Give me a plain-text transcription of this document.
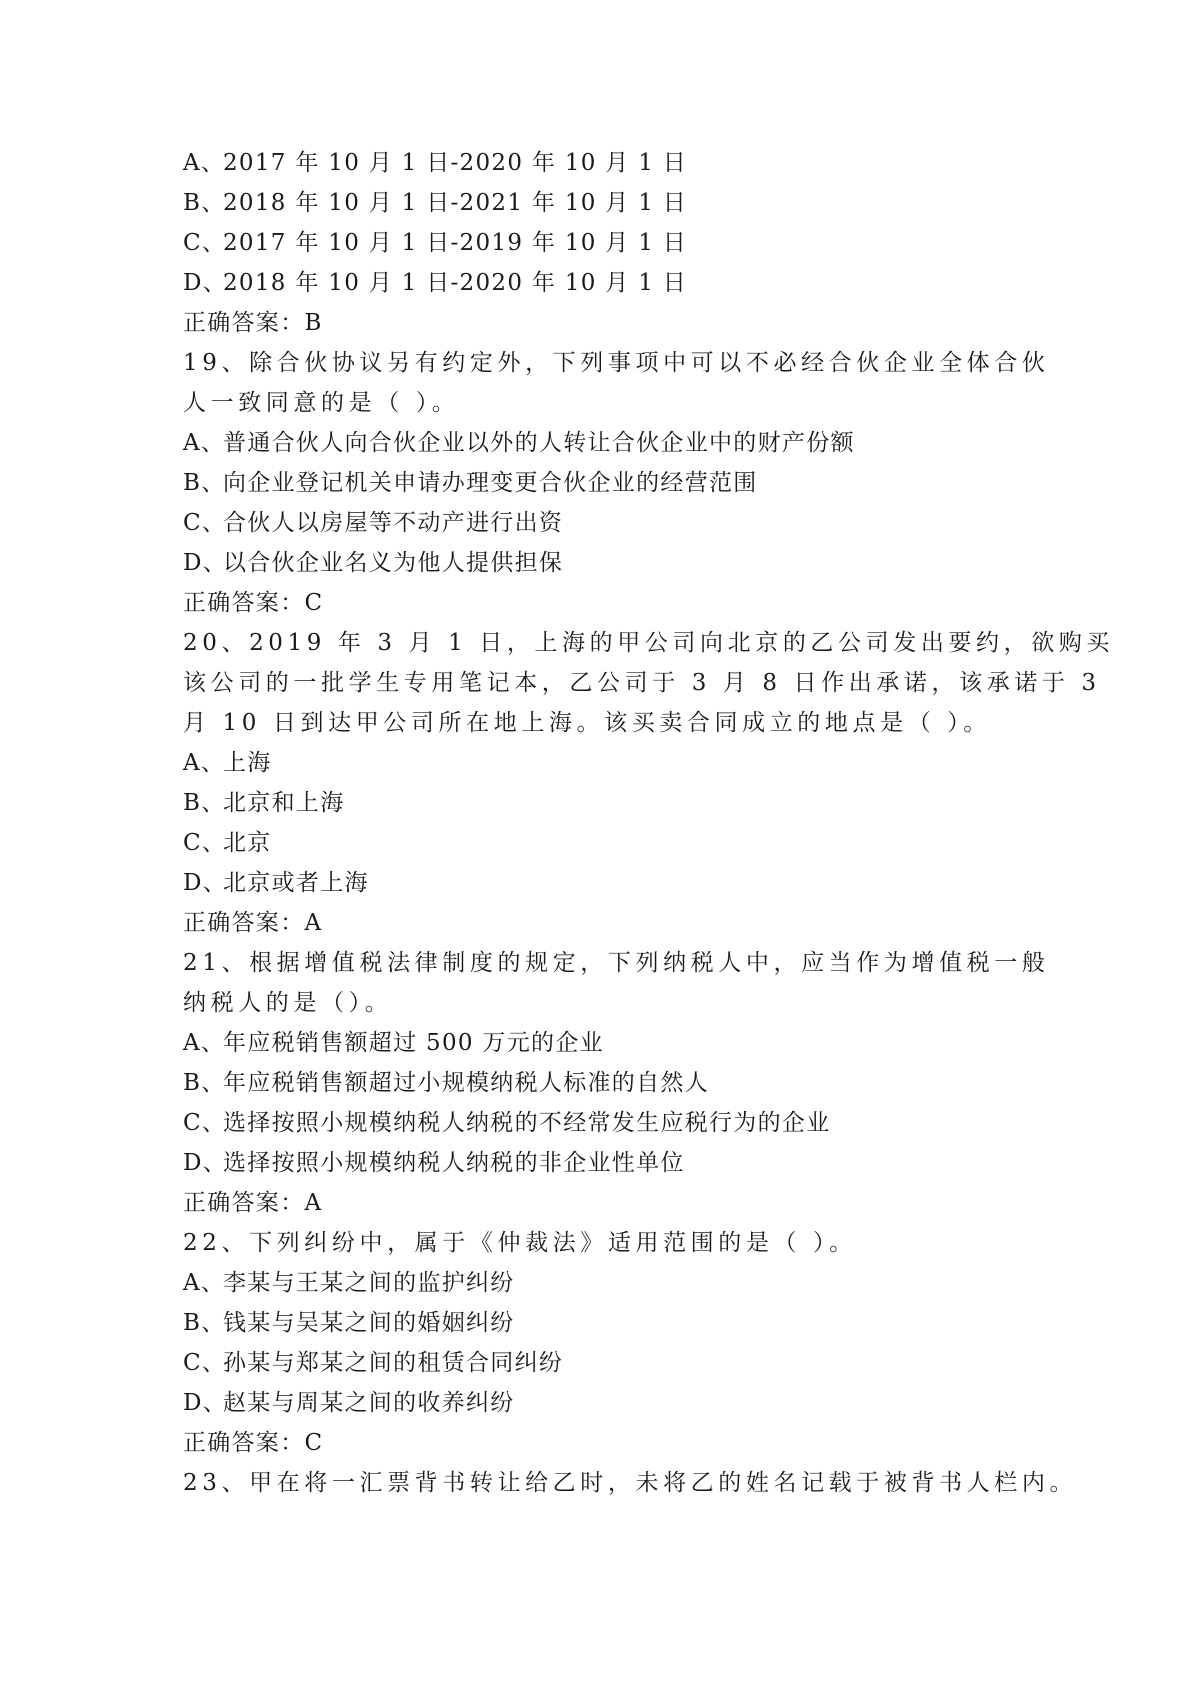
A、2017 年 10 月 1 日-2020 年 10 月 1 日
B、2018 年 10 月 1 日-2021 年 10 月 1 日
C、2017 年 10 月 1 日-2019 年 10 月 1 日
D、2018 年 10 月 1 日-2020 年 10 月 1 日
正确答案：B
19、除合伙协议另有约定外，下列事项中可以不必经合伙企业全体合伙
人一致同意的是（ ）。
A、普通合伙人向合伙企业以外的人转让合伙企业中的财产份额
B、向企业登记机关申请办理变更合伙企业的经营范围
C、合伙人以房屋等不动产进行出资
D、以合伙企业名义为他人提供担保
正确答案：C
20、2019 年 3 月 1 日，上海的甲公司向北京的乙公司发出要约，欲购买
该公司的一批学生专用笔记本，乙公司于 3 月 8 日作出承诺，该承诺于 3
月 10 日到达甲公司所在地上海。该买卖合同成立的地点是（ ）。
A、上海
B、北京和上海
C、北京
D、北京或者上海
正确答案：A
21、根据增值税法律制度的规定，下列纳税人中，应当作为增值税一般
纳税人的是（）。
A、年应税销售额超过 500 万元的企业
B、年应税销售额超过小规模纳税人标准的自然人
C、选择按照小规模纳税人纳税的不经常发生应税行为的企业
D、选择按照小规模纳税人纳税的非企业性单位
正确答案：A
22、下列纠纷中，属于《仲裁法》适用范围的是（ ）。
A、李某与王某之间的监护纠纷
B、钱某与吴某之间的婚姻纠纷
C、孙某与郑某之间的租赁合同纠纷
D、赵某与周某之间的收养纠纷
正确答案：C
23、甲在将一汇票背书转让给乙时，未将乙的姓名记载于被背书人栏内。
